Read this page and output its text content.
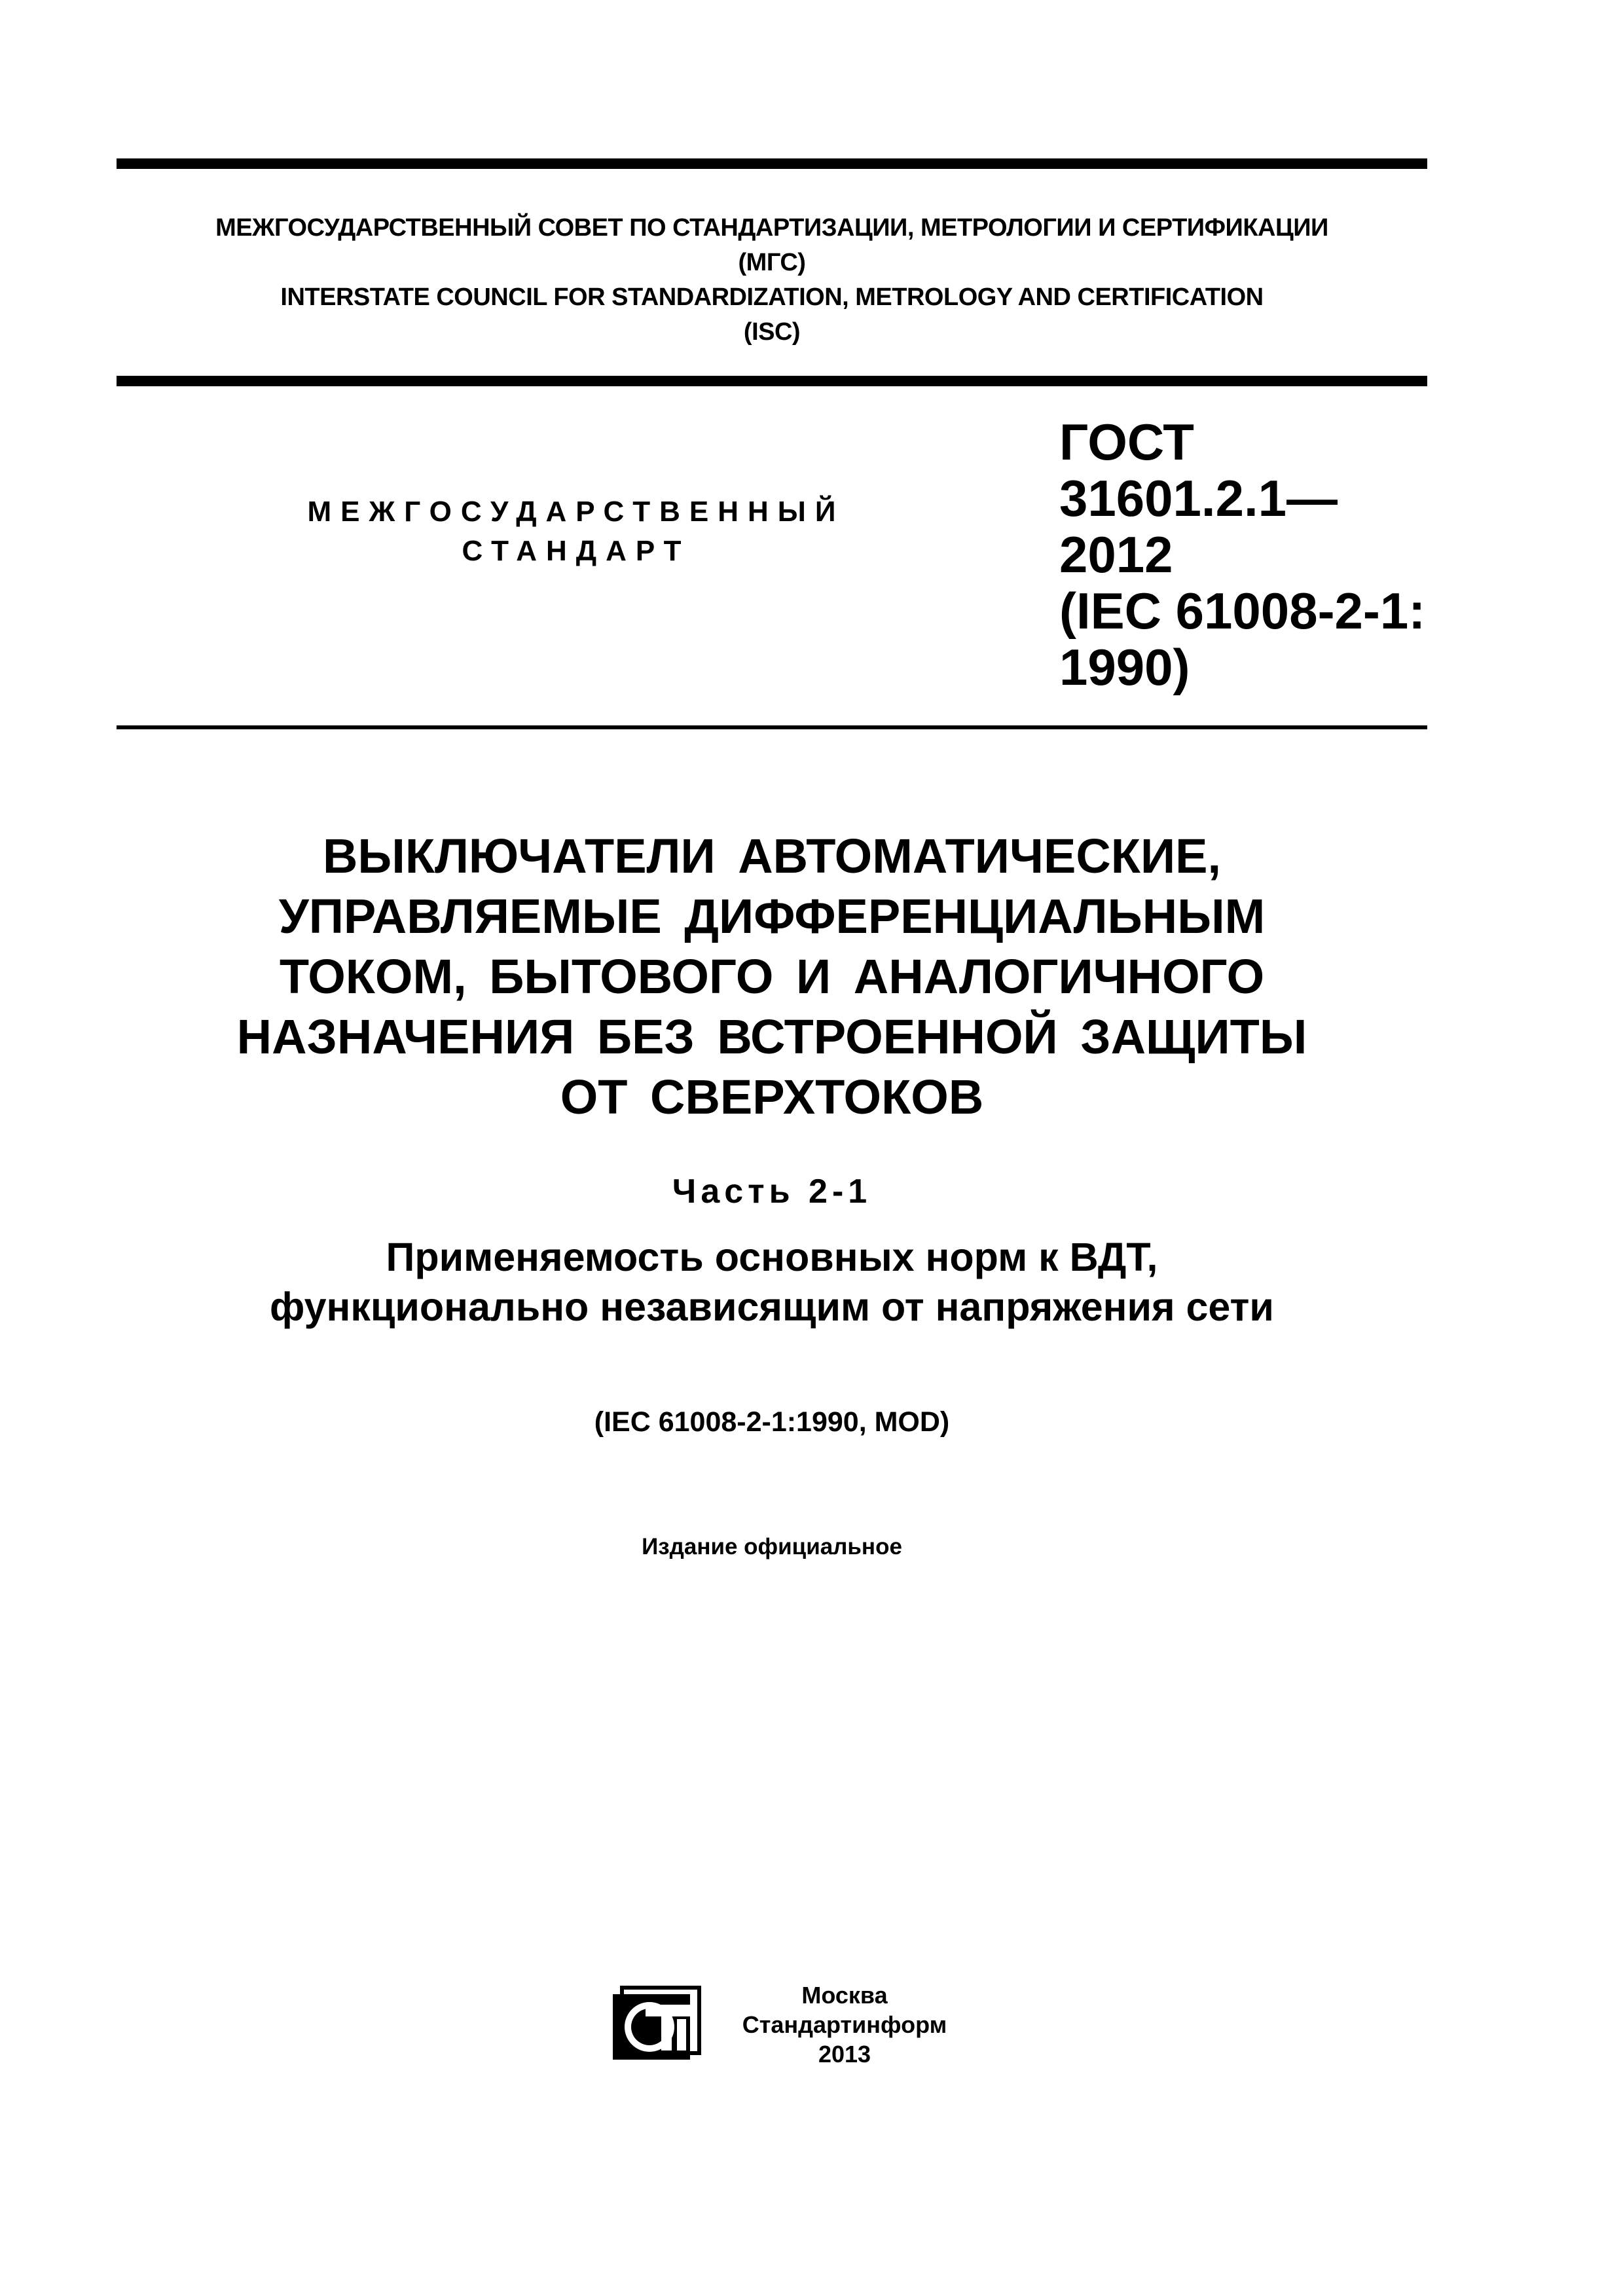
МЕЖГОСУДАРСТВЕННЫЙ СОВЕТ ПО СТАНДАРТИЗАЦИИ, МЕТРОЛОГИИ И СЕРТИФИКАЦИИ
(МГС)
INTERSTATE COUNCIL FOR STANDARDIZATION, METROLOGY AND CERTIFICATION
(ISC)
МЕЖГОСУДАРСТВЕННЫЙ
СТАНДАРТ
ГОСТ
31601.2.1—
2012
(IEC 61008-2-1:
1990)
ВЫКЛЮЧАТЕЛИ АВТОМАТИЧЕСКИЕ,
УПРАВЛЯЕМЫЕ ДИФФЕРЕНЦИАЛЬНЫМ
ТОКОМ, БЫТОВОГО И АНАЛОГИЧНОГО
НАЗНАЧЕНИЯ БЕЗ ВСТРОЕННОЙ ЗАЩИТЫ
ОТ СВЕРХТОКОВ
Часть 2-1
Применяемость основных норм к ВДТ,
функционально независящим от напряжения сети
(IEC 61008-2-1:1990, MOD)
Издание официальное
Москва
Стандартинформ
2013
